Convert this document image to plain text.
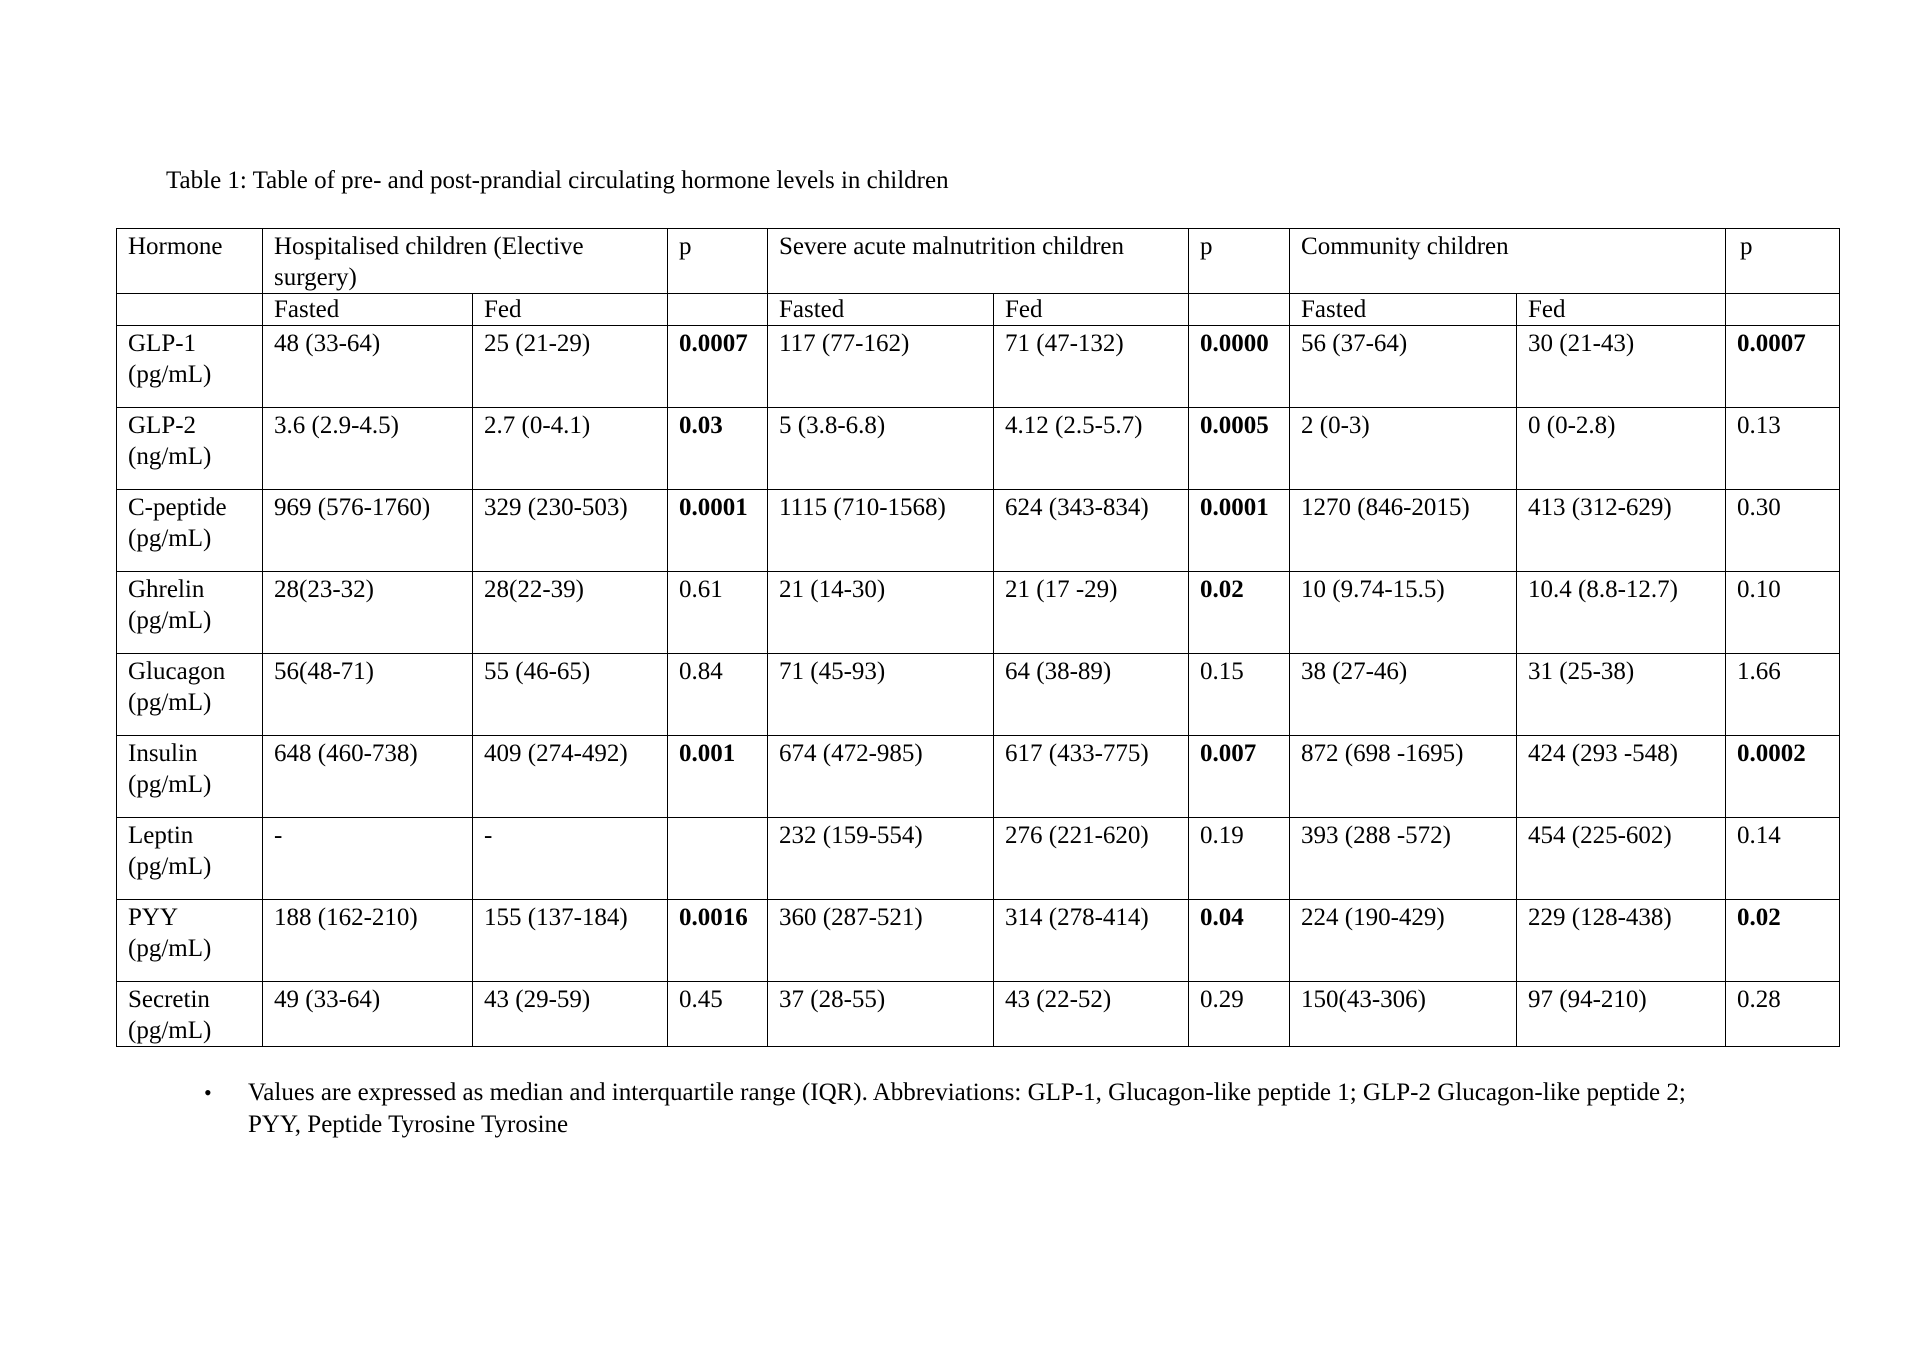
Table 1: Table of pre- and post-prandial circulating hormone levels in children
Hormone	Hospitalised children (Elective surgery)		p	Severe acute malnutrition children		p	Community children		p
	Fasted	Fed		Fasted	Fed		Fasted	Fed	

GLP-1
(pg/mL)	48 (33-64)	25 (21-29)	0.0007	117 (77-162)	71 (47-132)	0.0000	56 (37-64)	30 (21-43)	0.0007

GLP-2
(ng/mL)	3.6 (2.9-4.5)	2.7 (0-4.1)	0.03	5 (3.8-6.8)	4.12 (2.5-5.7)	0.0005	2 (0-3)	0 (0-2.8)	0.13

C-peptide
(pg/mL)	969 (576-1760)	329 (230-503)	0.0001	1115 (710-1568)	624 (343-834)	0.0001	1270 (846-2015)	413 (312-629)	0.30

Ghrelin
(pg/mL)	28(23-32)	28(22-39)	0.61	21 (14-30)	21 (17 -29)	0.02	10 (9.74-15.5)	10.4 (8.8-12.7)	0.10

Glucagon
(pg/mL)	56(48-71)	55 (46-65)	0.84	71 (45-93)	64 (38-89)	0.15	38 (27-46)	31 (25-38)	1.66

Insulin
(pg/mL)	648 (460-738)	409 (274-492)	0.001	674 (472-985)	617 (433-775)	0.007	872 (698 -1695)	424 (293 -548)	0.0002

Leptin
(pg/mL)	-	-		232 (159-554)	276 (221-620)	0.19	393 (288 -572)	454 (225-602)	0.14

PYY
(pg/mL)	188 (162-210)	155 (137-184)	0.0016	360 (287-521)	314 (278-414)	0.04	224 (190-429)	229 (128-438)	0.02

Secretin
(pg/mL)	49 (33-64)	43 (29-59)	0.45	37 (28-55)	43 (22-52)	0.29	150(43-306)	97 (94-210)	0.28
• Values are expressed as median and interquartile range (IQR). Abbreviations: GLP-1, Glucagon-like peptide 1; GLP-2 Glucagon-like peptide 2; PYY, Peptide Tyrosine Tyrosine
